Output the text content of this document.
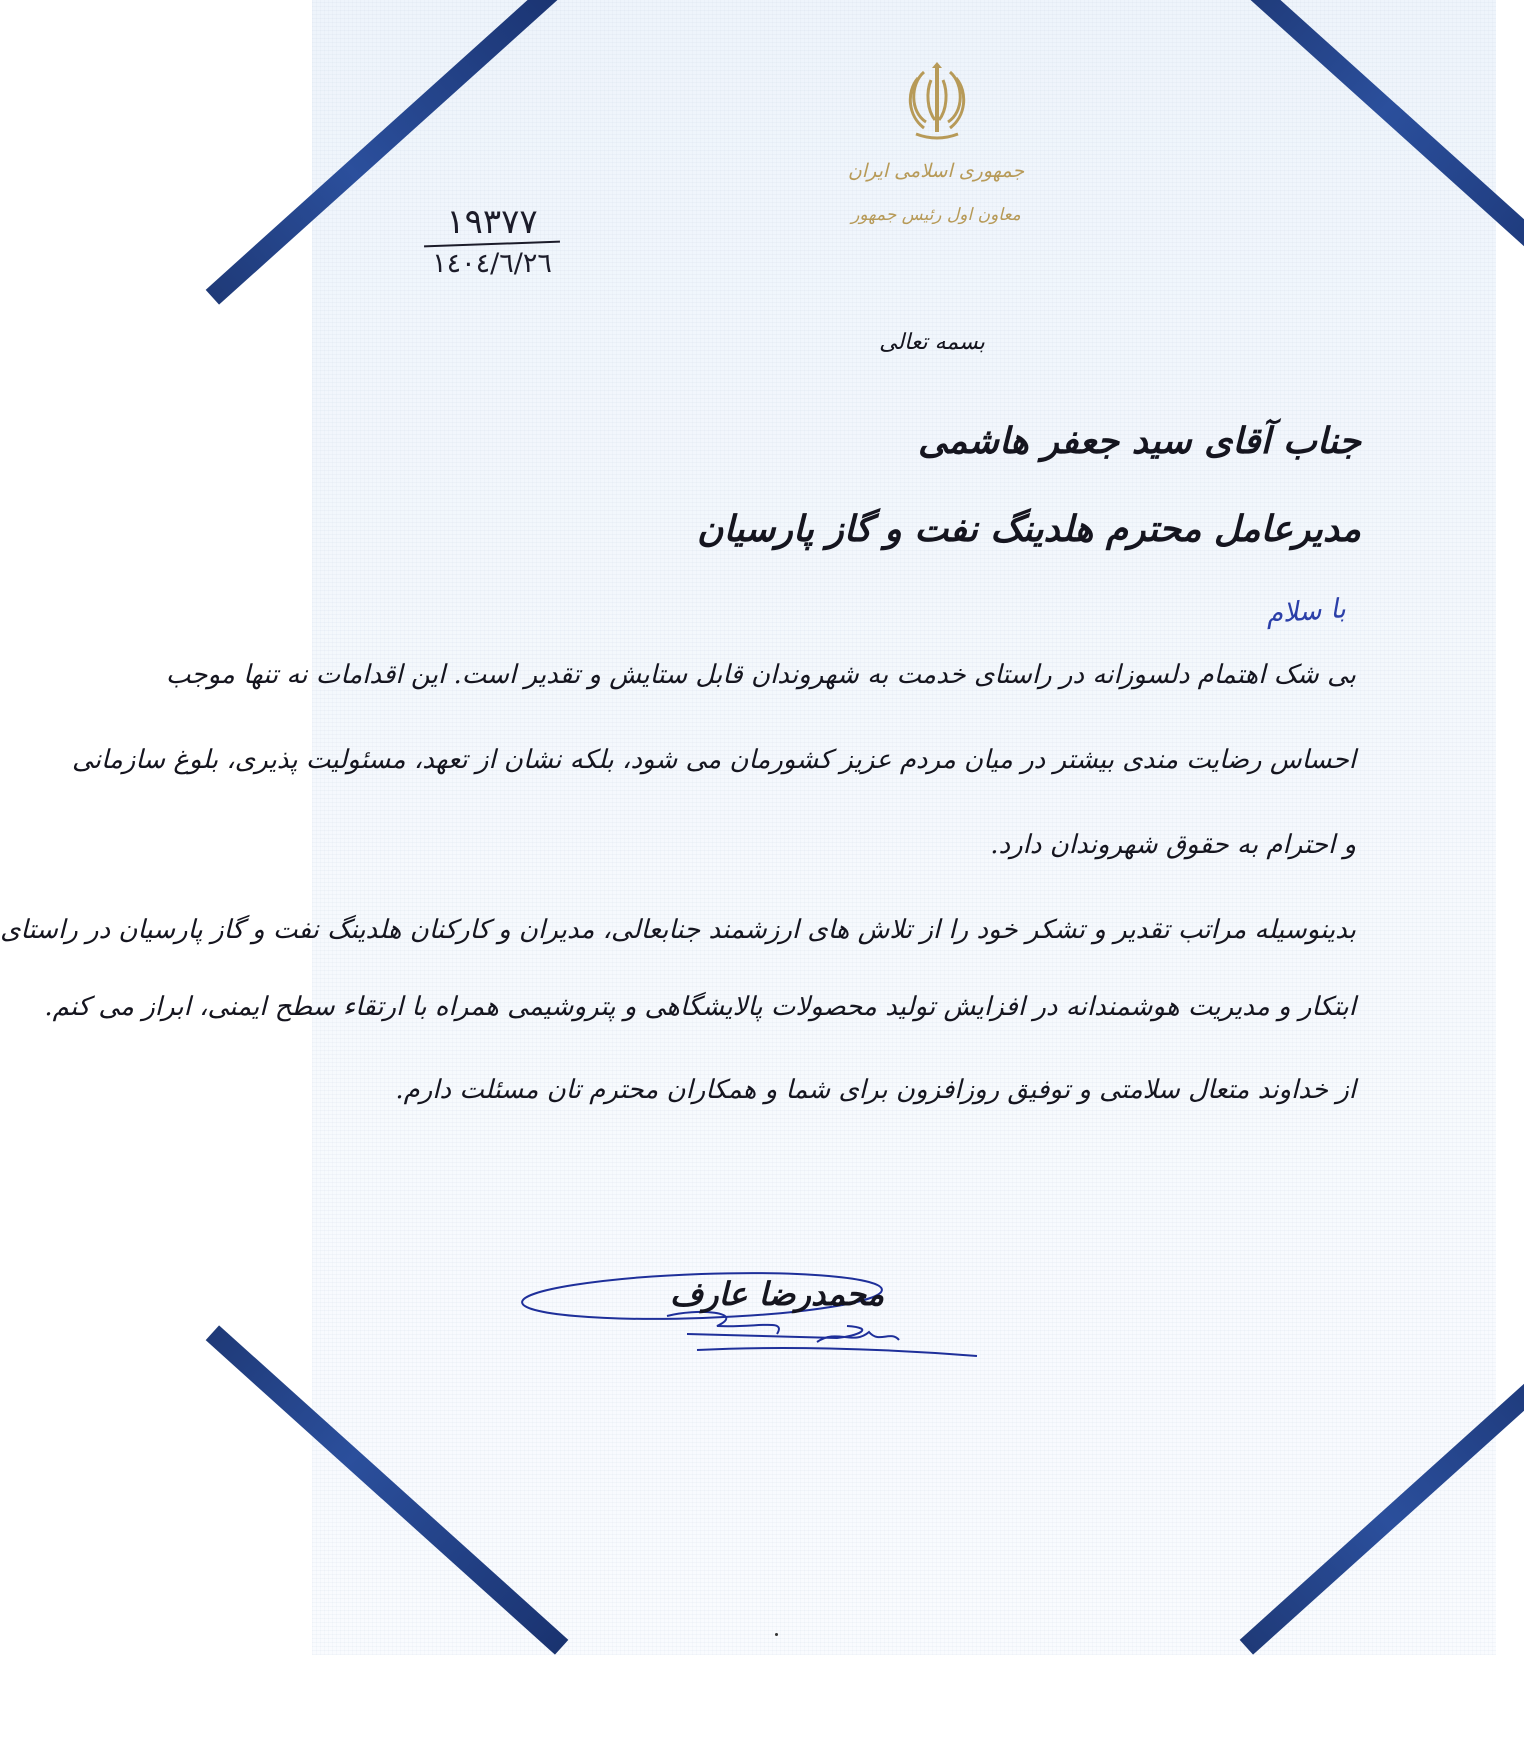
جمهوری اسلامی ایران
معاون اول رئیس جمهور
١٩٣٧٧
١٤٠٤/٦/٢٦
بسمه تعالی
جناب آقای سید جعفر هاشمی
مدیرعامل محترم هلدینگ نفت و گاز پارسیان
با سلام
بی شک اهتمام دلسوزانه در راستای خدمت به شهروندان قابل ستایش و تقدیر است. این اقدامات نه تنها موجب
احساس رضایت مندی بیشتر در میان مردم عزیز کشورمان می شود، بلکه نشان از تعهد، مسئولیت پذیری، بلوغ سازمانی
و احترام به حقوق شهروندان دارد.
بدینوسیله مراتب تقدیر و تشکر خود را از تلاش های ارزشمند جنابعالی، مدیران و کارکنان هلدینگ نفت و گاز پارسیان در راستای
ابتکار و مدیریت هوشمندانه در افزایش تولید محصولات پالایشگاهی و پتروشیمی همراه با ارتقاء سطح ایمنی، ابراز می کنم.
از خداوند متعال سلامتی و توفیق روزافزون برای شما و همکاران محترم تان مسئلت دارم.
محمدرضا عارف
